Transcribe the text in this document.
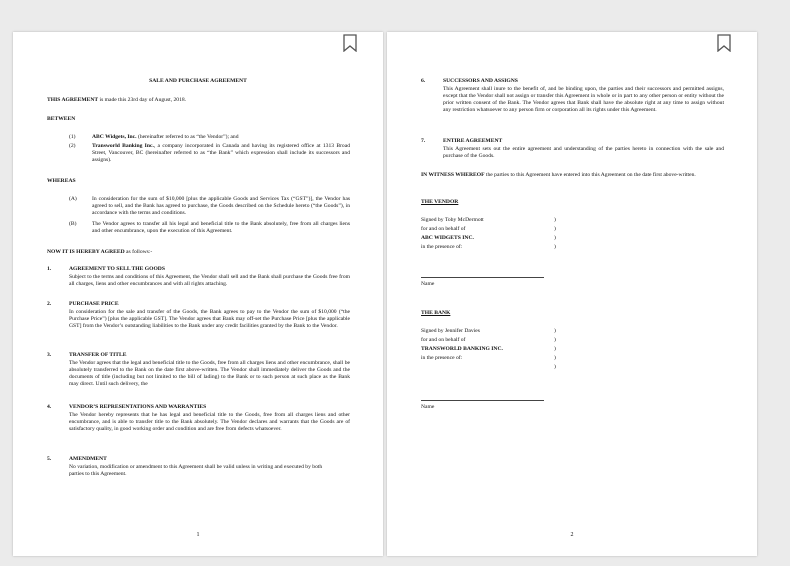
SALE AND PURCHASE AGREEMENT
THIS AGREEMENT is made this 23rd day of August, 2018.
BETWEEN
(1)	ABC Widgets, Inc. (hereinafter referred to as “the Vendor”); and
(2)	Transworld Banking Inc., a company incorporated in Canada and having its registered office at 1313 Broad Street, Vancouver, BC (hereinafter referred to as “the Bank” which expression shall include its successors and assigns).
WHEREAS
(A)	In consideration for the sum of $10,000 [plus the applicable Goods and Services Tax (“GST”)], the Vendor has agreed to sell, and the Bank has agreed to purchase, the Goods described on the Schedule hereto (“the Goods”), in accordance with the terms and conditions.
(B)	The Vendor agrees to transfer all his legal and beneficial title to the Bank absolutely, free from all charges liens and other encumbrance, upon the execution of this Agreement.
NOW IT IS HEREBY AGREED as follows:-
1.	AGREEMENT TO SELL THE GOODS
Subject to the terms and conditions of this Agreement, the Vendor shall sell and the Bank shall purchase the Goods free from all charges, liens and other encumbrances and with all rights attaching.
2.	PURCHASE PRICE
In consideration for the sale and transfer of the Goods, the Bank agrees to pay to the Vendor the sum of $10,000 (“the Purchase Price”) [plus the applicable GST]. The Vendor agrees that Bank may off-set the Purchase Price [plus the applicable GST] from the Vendor’s outstanding liabilities to the Bank under any credit facilities granted by the Bank to the Vendor.
3.	TRANSFER OF TITLE
The Vendor agrees that the legal and beneficial title to the Goods, free from all charges liens and other encumbrance, shall be absolutely transferred to the Bank on the date first above-written. The Vendor shall immediately deliver the Goods and the documents of title (including but not limited to the bill of lading) to the Bank or to such person at such place as the Bank may direct. Until such delivery, the
4.	VENDOR’S REPRESENTATIONS AND WARRANTIES
The Vendor hereby represents that he has legal and beneficial title to the Goods, free from all charges liens and other encumbrance, and is able to transfer title to the Bank absolutely. The Vendor declares and warrants that the Goods are of satisfactory quality, in good working order and condition and are free from defects whatsoever.
5.	AMENDMENT
No variation, modification or amendment to this Agreement shall be valid unless in writing and executed by both parties to this Agreement.
1
6.	SUCCESSORS AND ASSIGNS
This Agreement shall inure to the benefit of, and be binding upon, the parties and their successors and permitted assigns, except that the Vendor shall not assign or transfer this Agreement in whole or in part to any other person or entity without the prior written consent of the Bank. The Vendor agrees that Bank shall have the absolute right at any time to assign without any restriction whatsoever to any person firm or corporation all its rights under this Agreement.
7.	ENTIRE AGREEMENT
This Agreement sets out the entire agreement and understanding of the parties hereto in connection with the sale and purchase of the Goods.
IN WITNESS WHEREOF the parties to this Agreement have entered into this Agreement on the date first above-written.
THE VENDOR
Signed by Toby McDermott
for and on behalf of
ABC WIDGETS INC.
in the presence of:
)
)
)
)
Name
THE BANK
Signed by Jennifer Davies
for and on behalf of
TRANSWORLD BANKING INC.
in the presence of:
)
)
)
)
)
Name
2
